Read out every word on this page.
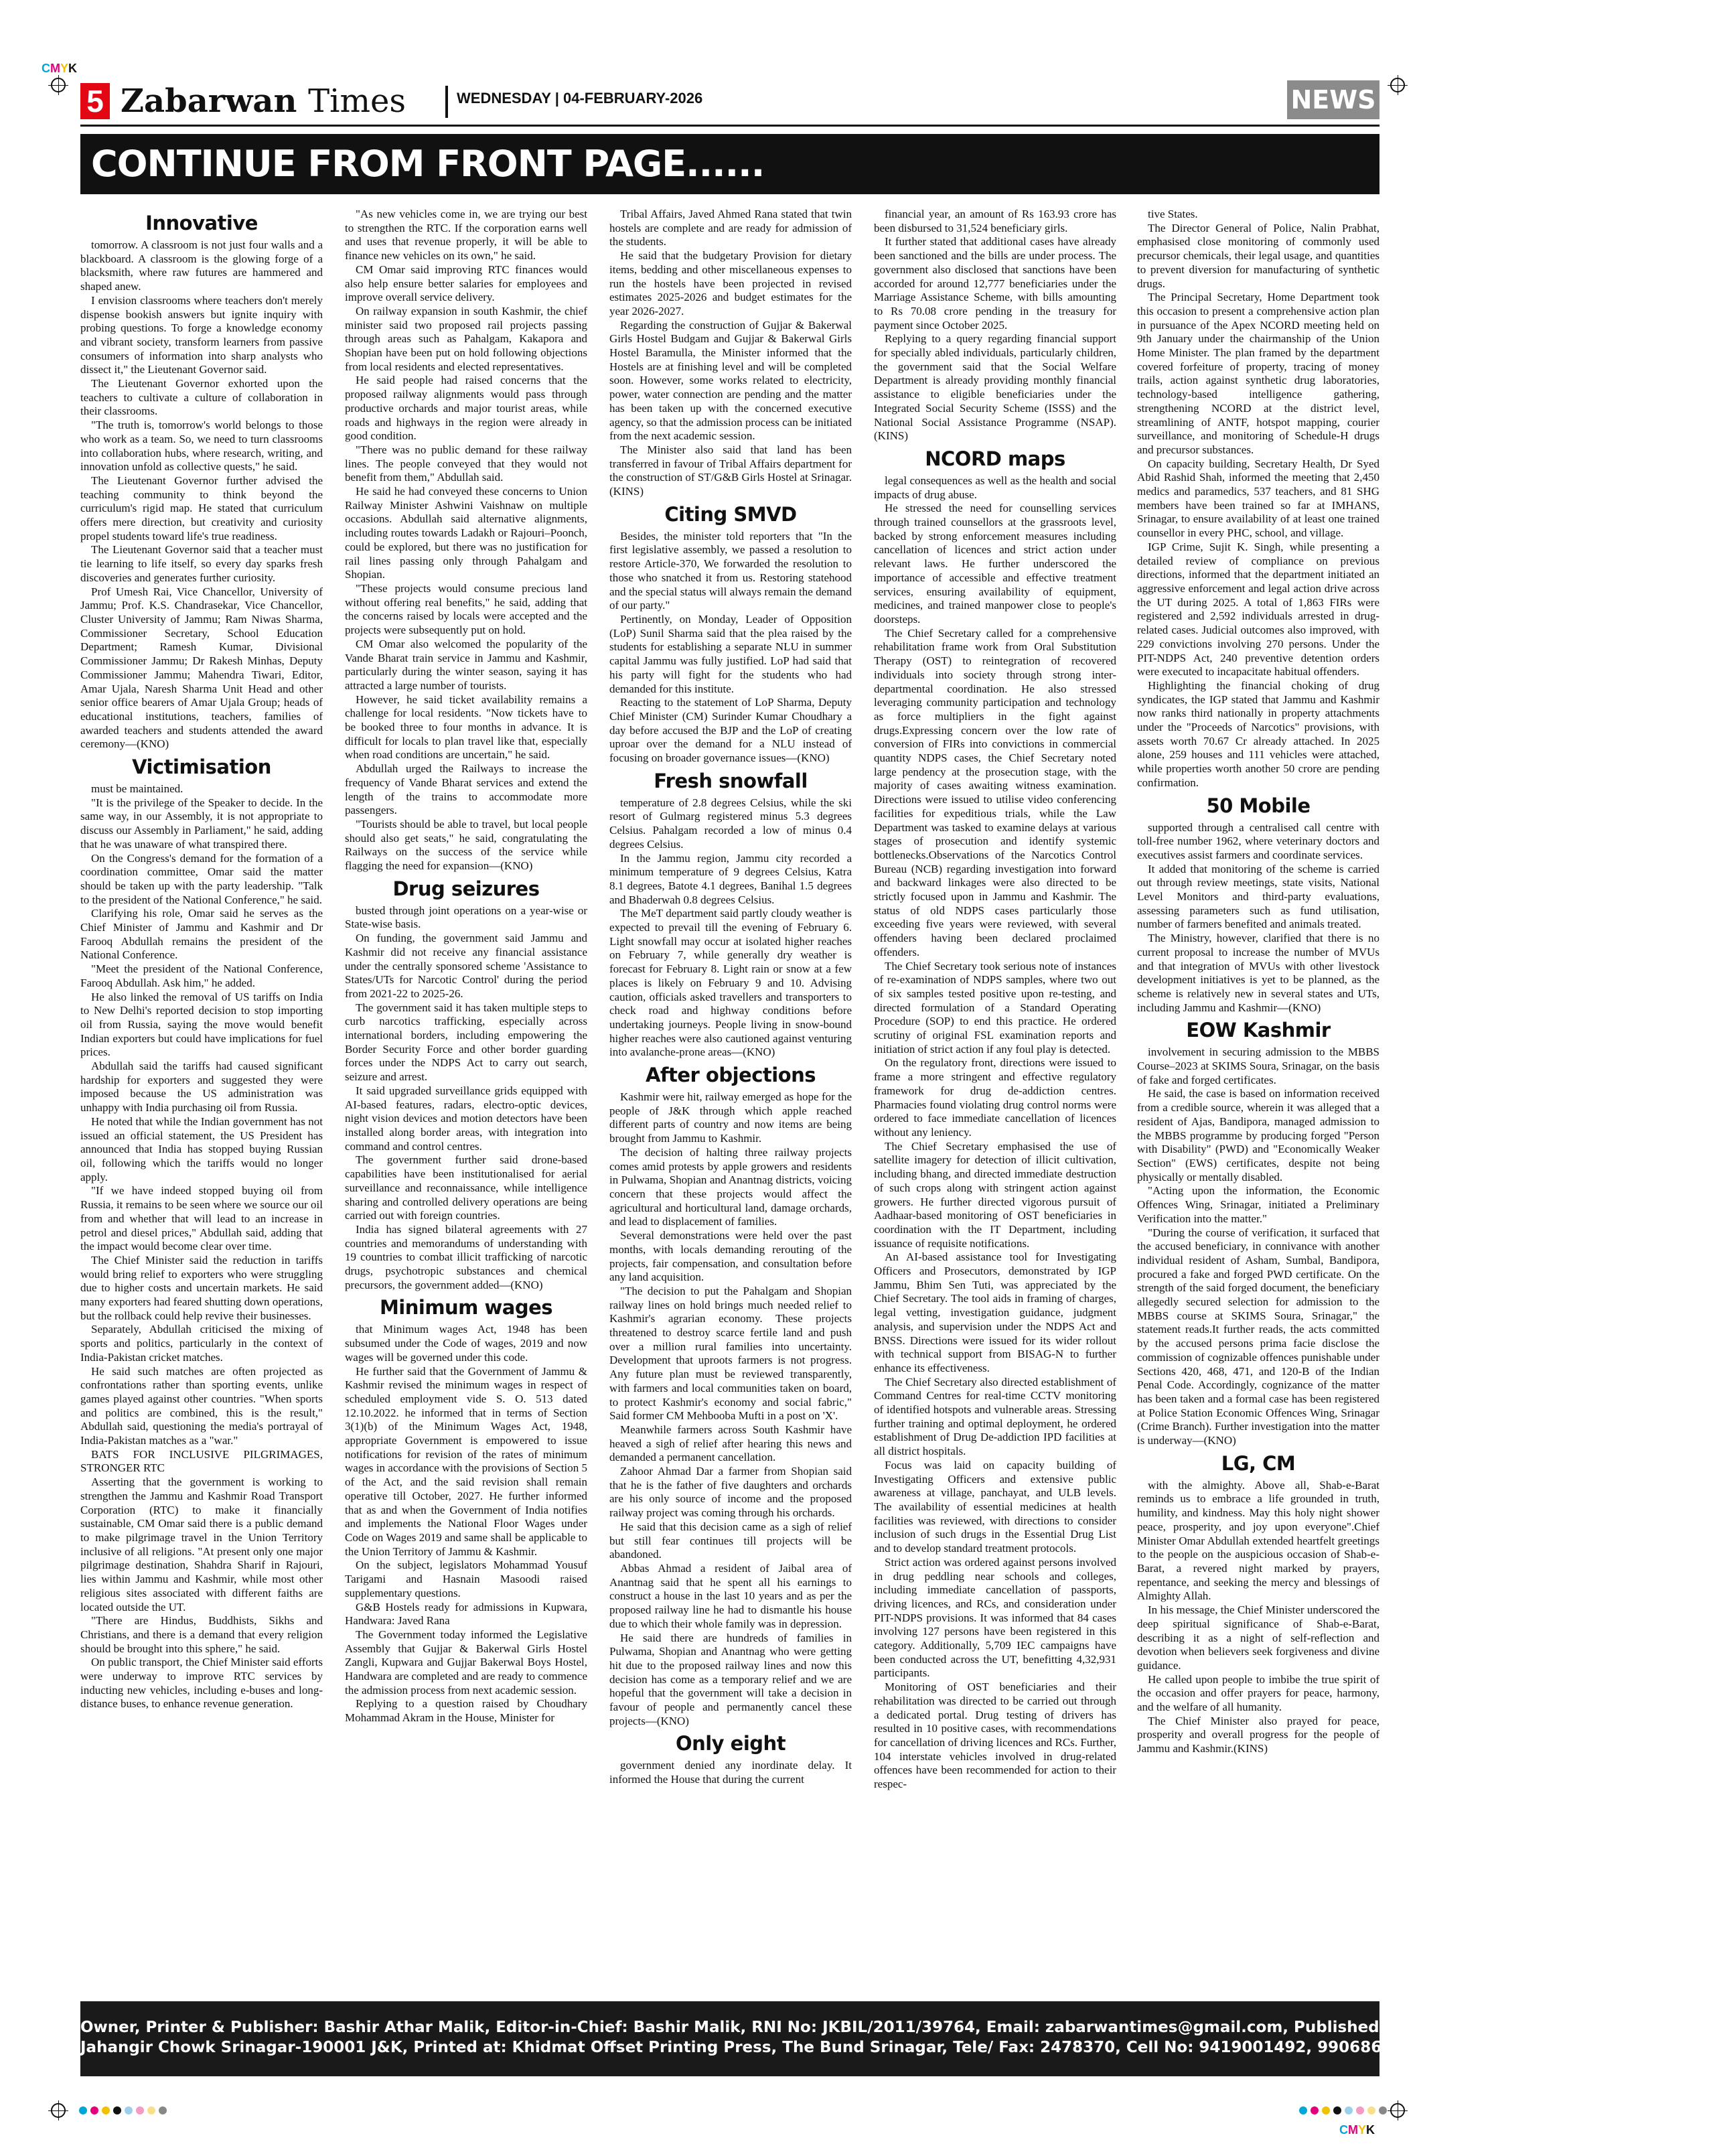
CMYK
CMYK
5 Zabarwan Times	WEDNESDAY | 04-FEBRUARY-2026	NEWS
CONTINUE FROM FRONT PAGE......
Innovative

tomorrow. A classroom is not just four walls and a blackboard. A classroom is the glowing forge of a blacksmith, where raw futures are hammered and shaped anew.

I envision classrooms where teachers don't merely dispense bookish answers but ignite inquiry with probing questions. To forge a knowledge economy and vibrant society, transform learners from passive consumers of information into sharp analysts who dissect it," the Lieutenant Governor said.

The Lieutenant Governor exhorted upon the teachers to cultivate a culture of collaboration in their classrooms.

"The truth is, tomorrow's world belongs to those who work as a team. So, we need to turn classrooms into collaboration hubs, where research, writing, and innovation unfold as collective quests," he said.

The Lieutenant Governor further advised the teaching community to think beyond the curriculum's rigid map. He stated that curriculum offers mere direction, but creativity and curiosity propel students toward life's true readiness.

The Lieutenant Governor said that a teacher must tie learning to life itself, so every day sparks fresh discoveries and generates further curiosity.

Prof Umesh Rai, Vice Chancellor, University of Jammu; Prof. K.S. Chandrasekar, Vice Chancellor, Cluster University of Jammu; Ram Niwas Sharma, Commissioner Secretary, School Education Department; Ramesh Kumar, Divisional Commissioner Jammu; Dr Rakesh Minhas, Deputy Commissioner Jammu; Mahendra Tiwari, Editor, Amar Ujala, Naresh Sharma Unit Head and other senior office bearers of Amar Ujala Group; heads of educational institutions, teachers, families of awarded teachers and students attended the award ceremony—(KNO)

Victimisation

must be maintained.

"It is the privilege of the Speaker to decide. In the same way, in our Assembly, it is not appropriate to discuss our Assembly in Parliament," he said, adding that he was unaware of what transpired there.

On the Congress's demand for the formation of a coordination committee, Omar said the matter should be taken up with the party leadership. "Talk to the president of the National Conference," he said.

Clarifying his role, Omar said he serves as the Chief Minister of Jammu and Kashmir and Dr Farooq Abdullah remains the president of the National Conference.

"Meet the president of the National Conference, Farooq Abdullah. Ask him," he added.

He also linked the removal of US tariffs on India to New Delhi's reported decision to stop importing oil from Russia, saying the move would benefit Indian exporters but could have implications for fuel prices.

Abdullah said the tariffs had caused significant hardship for exporters and suggested they were imposed because the US administration was unhappy with India purchasing oil from Russia.

He noted that while the Indian government has not issued an official statement, the US President has announced that India has stopped buying Russian oil, following which the tariffs would no longer apply.

"If we have indeed stopped buying oil from Russia, it remains to be seen where we source our oil from and whether that will lead to an increase in petrol and diesel prices," Abdullah said, adding that the impact would become clear over time.

The Chief Minister said the reduction in tariffs would bring relief to exporters who were struggling due to higher costs and uncertain markets. He said many exporters had feared shutting down operations, but the rollback could help revive their businesses.

Separately, Abdullah criticised the mixing of sports and politics, particularly in the context of India-Pakistan cricket matches.

He said such matches are often projected as confrontations rather than sporting events, unlike games played against other countries. "When sports and politics are combined, this is the result," Abdullah said, questioning the media's portrayal of India-Pakistan matches as a "war."

BATS FOR INCLUSIVE PILGRIMAGES, STRONGER RTC

Asserting that the government is working to strengthen the Jammu and Kashmir Road Transport Corporation (RTC) to make it financially sustainable, CM Omar said there is a public demand to make pilgrimage travel in the Union Territory inclusive of all religions. "At present only one major pilgrimage destination, Shahdra Sharif in Rajouri, lies within Jammu and Kashmir, while most other religious sites associated with different faiths are located outside the UT.

"There are Hindus, Buddhists, Sikhs and Christians, and there is a demand that every religion should be brought into this sphere," he said.

On public transport, the Chief Minister said efforts were underway to improve RTC services by inducting new vehicles, including e-buses and long-distance buses, to enhance revenue generation.

"As new vehicles come in, we are trying our best to strengthen the RTC. If the corporation earns well and uses that revenue properly, it will be able to finance new vehicles on its own," he said.

CM Omar said improving RTC finances would also help ensure better salaries for employees and improve overall service delivery.

On railway expansion in south Kashmir, the chief minister said two proposed rail projects passing through areas such as Pahalgam, Kakapora and Shopian have been put on hold following objections from local residents and elected representatives.

He said people had raised concerns that the proposed railway alignments would pass through productive orchards and major tourist areas, while roads and highways in the region were already in good condition.

"There was no public demand for these railway lines. The people conveyed that they would not benefit from them," Abdullah said.

He said he had conveyed these concerns to Union Railway Minister Ashwini Vaishnaw on multiple occasions. Abdullah said alternative alignments, including routes towards Ladakh or Rajouri–Poonch, could be explored, but there was no justification for rail lines passing only through Pahalgam and Shopian.

"These projects would consume precious land without offering real benefits," he said, adding that the concerns raised by locals were accepted and the projects were subsequently put on hold.

CM Omar also welcomed the popularity of the Vande Bharat train service in Jammu and Kashmir, particularly during the winter season, saying it has attracted a large number of tourists.

However, he said ticket availability remains a challenge for local residents. "Now tickets have to be booked three to four months in advance. It is difficult for locals to plan travel like that, especially when road conditions are uncertain," he said.

Abdullah urged the Railways to increase the frequency of Vande Bharat services and extend the length of the trains to accommodate more passengers.

"Tourists should be able to travel, but local people should also get seats," he said, congratulating the Railways on the success of the service while flagging the need for expansion—(KNO)

Drug seizures

busted through joint operations on a year-wise or State-wise basis.

On funding, the government said Jammu and Kashmir did not receive any financial assistance under the centrally sponsored scheme 'Assistance to States/UTs for Narcotic Control' during the period from 2021-22 to 2025-26.

The government said it has taken multiple steps to curb narcotics trafficking, especially across international borders, including empowering the Border Security Force and other border guarding forces under the NDPS Act to carry out search, seizure and arrest.

It said upgraded surveillance grids equipped with AI-based features, radars, electro-optic devices, night vision devices and motion detectors have been installed along border areas, with integration into command and control centres.

The government further said drone-based capabilities have been institutionalised for aerial surveillance and reconnaissance, while intelligence sharing and controlled delivery operations are being carried out with foreign countries.

India has signed bilateral agreements with 27 countries and memorandums of understanding with 19 countries to combat illicit trafficking of narcotic drugs, psychotropic substances and chemical precursors, the government added—(KNO)

Minimum wages

that Minimum wages Act, 1948 has been subsumed under the Code of wages, 2019 and now wages will be governed under this code.

He further said that the Government of Jammu & Kashmir revised the minimum wages in respect of scheduled employment vide S. O. 513 dated 12.10.2022. he informed that in terms of Section 3(1)(b) of the Minimum Wages Act, 1948, appropriate Government is empowered to issue notifications for revision of the rates of minimum wages in accordance with the provisions of Section 5 of the Act, and the said revision shall remain operative till October, 2027. He further informed that as and when the Government of India notifies and implements the National Floor Wages under Code on Wages 2019 and same shall be applicable to the Union Territory of Jammu & Kashmir.

On the subject, legislators Mohammad Yousuf Tarigami and Hasnain Masoodi raised supplementary questions.

G&B Hostels ready for admissions in Kupwara, Handwara: Javed Rana

The Government today informed the Legislative Assembly that Gujjar & Bakerwal Girls Hostel Zangli, Kupwara and Gujjar Bakerwal Boys Hostel, Handwara are completed and are ready to commence the admission process from next academic session.

Replying to a question raised by Choudhary Mohammad Akram in the House, Minister for

Tribal Affairs, Javed Ahmed Rana stated that twin hostels are complete and are ready for admission of the students.

He said that the budgetary Provision for dietary items, bedding and other miscellaneous expenses to run the hostels have been projected in revised estimates 2025-2026 and budget estimates for the year 2026-2027.

Regarding the construction of Gujjar & Bakerwal Girls Hostel Budgam and Gujjar & Bakerwal Girls Hostel Baramulla, the Minister informed that the Hostels are at finishing level and will be completed soon. However, some works related to electricity, power, water connection are pending and the matter has been taken up with the concerned executive agency, so that the admission process can be initiated from the next academic session.

The Minister also said that land has been transferred in favour of Tribal Affairs department for the construction of ST/G&B Girls Hostel at Srinagar.(KINS)

Citing SMVD

Besides, the minister told reporters that "In the first legislative assembly, we passed a resolution to restore Article-370, We forwarded the resolution to those who snatched it from us. Restoring statehood and the special status will always remain the demand of our party."

Pertinently, on Monday, Leader of Opposition (LoP) Sunil Sharma said that the plea raised by the students for establishing a separate NLU in summer capital Jammu was fully justified. LoP had said that his party will fight for the students who had demanded for this institute.

Reacting to the statement of LoP Sharma, Deputy Chief Minister (CM) Surinder Kumar Choudhary a day before accused the BJP and the LoP of creating uproar over the demand for a NLU instead of focusing on broader governance issues—(KNO)

Fresh snowfall

temperature of 2.8 degrees Celsius, while the ski resort of Gulmarg registered minus 5.3 degrees Celsius. Pahalgam recorded a low of minus 0.4 degrees Celsius.

In the Jammu region, Jammu city recorded a minimum temperature of 9 degrees Celsius, Katra 8.1 degrees, Batote 4.1 degrees, Banihal 1.5 degrees and Bhaderwah 0.8 degrees Celsius.

The MeT department said partly cloudy weather is expected to prevail till the evening of February 6. Light snowfall may occur at isolated higher reaches on February 7, while generally dry weather is forecast for February 8. Light rain or snow at a few places is likely on February 9 and 10. Advising caution, officials asked travellers and transporters to check road and highway conditions before undertaking journeys. People living in snow-bound higher reaches were also cautioned against venturing into avalanche-prone areas—(KNO)

After objections

Kashmir were hit, railway emerged as hope for the people of J&K through which apple reached different parts of country and now items are being brought from Jammu to Kashmir.

The decision of halting three railway projects comes amid protests by apple growers and residents in Pulwama, Shopian and Anantnag districts, voicing concern that these projects would affect the agricultural and horticultural land, damage orchards, and lead to displacement of families.

Several demonstrations were held over the past months, with locals demanding rerouting of the projects, fair compensation, and consultation before any land acquisition.

"The decision to put the Pahalgam and Shopian railway lines on hold brings much needed relief to Kashmir's agrarian economy. These projects threatened to destroy scarce fertile land and push over a million rural families into uncertainty. Development that uproots farmers is not progress. Any future plan must be reviewed transparently, with farmers and local communities taken on board, to protect Kashmir's economy and social fabric," Said former CM Mehbooba Mufti in a post on 'X'.

Meanwhile farmers across South Kashmir have heaved a sigh of relief after hearing this news and demanded a permanent cancellation.

Zahoor Ahmad Dar a farmer from Shopian said that he is the father of five daughters and orchards are his only source of income and the proposed railway project was coming through his orchards.

He said that this decision came as a sigh of relief but still fear continues till projects will be abandoned.

Abbas Ahmad a resident of Jaibal area of Anantnag said that he spent all his earnings to construct a house in the last 10 years and as per the proposed railway line he had to dismantle his house due to which their whole family was in depression.

He said there are hundreds of families in Pulwama, Shopian and Anantnag who were getting hit due to the proposed railway lines and now this decision has come as a temporary relief and we are hopeful that the government will take a decision in favour of people and permanently cancel these projects—(KNO)

Only eight

government denied any inordinate delay. It informed the House that during the current

financial year, an amount of Rs 163.93 crore has been disbursed to 31,524 beneficiary girls.

It further stated that additional cases have already been sanctioned and the bills are under process. The government also disclosed that sanctions have been accorded for around 12,777 beneficiaries under the Marriage Assistance Scheme, with bills amounting to Rs 70.08 crore pending in the treasury for payment since October 2025.

Replying to a query regarding financial support for specially abled individuals, particularly children, the government said that the Social Welfare Department is already providing monthly financial assistance to eligible beneficiaries under the Integrated Social Security Scheme (ISSS) and the National Social Assistance Programme (NSAP). (KINS)

NCORD maps

legal consequences as well as the health and social impacts of drug abuse.

He stressed the need for counselling services through trained counsellors at the grassroots level, backed by strong enforcement measures including cancellation of licences and strict action under relevant laws. He further underscored the importance of accessible and effective treatment services, ensuring availability of equipment, medicines, and trained manpower close to people's doorsteps.

The Chief Secretary called for a comprehensive rehabilitation frame work from Oral Substitution Therapy (OST) to reintegration of recovered individuals into society through strong inter-departmental coordination. He also stressed leveraging community participation and technology as force multipliers in the fight against drugs.Expressing concern over the low rate of conversion of FIRs into convictions in commercial quantity NDPS cases, the Chief Secretary noted large pendency at the prosecution stage, with the majority of cases awaiting witness examination. Directions were issued to utilise video conferencing facilities for expeditious trials, while the Law Department was tasked to examine delays at various stages of prosecution and identify systemic bottlenecks.Observations of the Narcotics Control Bureau (NCB) regarding investigation into forward and backward linkages were also directed to be strictly focused upon in Jammu and Kashmir. The status of old NDPS cases particularly those exceeding five years were reviewed, with several offenders having been declared proclaimed offenders.

The Chief Secretary took serious note of instances of re-examination of NDPS samples, where two out of six samples tested positive upon re-testing, and directed formulation of a Standard Operating Procedure (SOP) to end this practice. He ordered scrutiny of original FSL examination reports and initiation of strict action if any foul play is detected.

On the regulatory front, directions were issued to frame a more stringent and effective regulatory framework for drug de-addiction centres. Pharmacies found violating drug control norms were ordered to face immediate cancellation of licences without any leniency.

The Chief Secretary emphasised the use of satellite imagery for detection of illicit cultivation, including bhang, and directed immediate destruction of such crops along with stringent action against growers. He further directed vigorous pursuit of Aadhaar-based monitoring of OST beneficiaries in coordination with the IT Department, including issuance of requisite notifications.

An AI-based assistance tool for Investigating Officers and Prosecutors, demonstrated by IGP Jammu, Bhim Sen Tuti, was appreciated by the Chief Secretary. The tool aids in framing of charges, legal vetting, investigation guidance, judgment analysis, and supervision under the NDPS Act and BNSS. Directions were issued for its wider rollout with technical support from BISAG-N to further enhance its effectiveness.

The Chief Secretary also directed establishment of Command Centres for real-time CCTV monitoring of identified hotspots and vulnerable areas. Stressing further training and optimal deployment, he ordered establishment of Drug De-addiction IPD facilities at all district hospitals.

Focus was laid on capacity building of Investigating Officers and extensive public awareness at village, panchayat, and ULB levels. The availability of essential medicines at health facilities was reviewed, with directions to consider inclusion of such drugs in the Essential Drug List and to develop standard treatment protocols.

Strict action was ordered against persons involved in drug peddling near schools and colleges, including immediate cancellation of passports, driving licences, and RCs, and consideration under PIT-NDPS provisions. It was informed that 84 cases involving 127 persons have been registered in this category. Additionally, 5,709 IEC campaigns have been conducted across the UT, benefitting 4,32,931 participants.

Monitoring of OST beneficiaries and their rehabilitation was directed to be carried out through a dedicated portal. Drug testing of drivers has resulted in 10 positive cases, with recommendations for cancellation of driving licences and RCs. Further, 104 interstate vehicles involved in drug-related offences have been recommended for action to their respec-

tive States.

The Director General of Police, Nalin Prabhat, emphasised close monitoring of commonly used precursor chemicals, their legal usage, and quantities to prevent diversion for manufacturing of synthetic drugs.

The Principal Secretary, Home Department took this occasion to present a comprehensive action plan in pursuance of the Apex NCORD meeting held on 9th January under the chairmanship of the Union Home Minister. The plan framed by the department covered forfeiture of property, tracing of money trails, action against synthetic drug laboratories, technology-based intelligence gathering, strengthening NCORD at the district level, streamlining of ANTF, hotspot mapping, courier surveillance, and monitoring of Schedule-H drugs and precursor substances.

On capacity building, Secretary Health, Dr Syed Abid Rashid Shah, informed the meeting that 2,450 medics and paramedics, 537 teachers, and 81 SHG members have been trained so far at IMHANS, Srinagar, to ensure availability of at least one trained counsellor in every PHC, school, and village.

IGP Crime, Sujit K. Singh, while presenting a detailed review of compliance on previous directions, informed that the department initiated an aggressive enforcement and legal action drive across the UT during 2025. A total of 1,863 FIRs were registered and 2,592 individuals arrested in drug-related cases. Judicial outcomes also improved, with 229 convictions involving 270 persons. Under the PIT-NDPS Act, 240 preventive detention orders were executed to incapacitate habitual offenders.

Highlighting the financial choking of drug syndicates, the IGP stated that Jammu and Kashmir now ranks third nationally in property attachments under the "Proceeds of Narcotics" provisions, with assets worth 70.67 Cr already attached. In 2025 alone, 259 houses and 111 vehicles were attached, while properties worth another 50 crore are pending confirmation.

50 Mobile

supported through a centralised call centre with toll-free number 1962, where veterinary doctors and executives assist farmers and coordinate services.

It added that monitoring of the scheme is carried out through review meetings, state visits, National Level Monitors and third-party evaluations, assessing parameters such as fund utilisation, number of farmers benefited and animals treated.

The Ministry, however, clarified that there is no current proposal to increase the number of MVUs and that integration of MVUs with other livestock development initiatives is yet to be planned, as the scheme is relatively new in several states and UTs, including Jammu and Kashmir—(KNO)

EOW Kashmir

involvement in securing admission to the MBBS Course–2023 at SKIMS Soura, Srinagar, on the basis of fake and forged certificates.

He said, the case is based on information received from a credible source, wherein it was alleged that a resident of Ajas, Bandipora, managed admission to the MBBS programme by producing forged "Person with Disability" (PWD) and "Economically Weaker Section" (EWS) certificates, despite not being physically or mentally disabled.

"Acting upon the information, the Economic Offences Wing, Srinagar, initiated a Preliminary Verification into the matter."

"During the course of verification, it surfaced that the accused beneficiary, in connivance with another individual resident of Asham, Sumbal, Bandipora, procured a fake and forged PWD certificate. On the strength of the said forged document, the beneficiary allegedly secured selection for admission to the MBBS course at SKIMS Soura, Srinagar," the statement reads.It further reads, the acts committed by the accused persons prima facie disclose the commission of cognizable offences punishable under Sections 420, 468, 471, and 120-B of the Indian Penal Code. Accordingly, cognizance of the matter has been taken and a formal case has been registered at Police Station Economic Offences Wing, Srinagar (Crime Branch). Further investigation into the matter is underway—(KNO)

LG, CM

with the almighty. Above all, Shab-e-Barat reminds us to embrace a life grounded in truth, humility, and kindness. May this holy night shower peace, prosperity, and joy upon everyone".Chief Minister Omar Abdullah extended heartfelt greetings to the people on the auspicious occasion of Shab-e-Barat, a revered night marked by prayers, repentance, and seeking the mercy and blessings of Almighty Allah.

In his message, the Chief Minister underscored the deep spiritual significance of Shab-e-Barat, describing it as a night of self-reflection and devotion when believers seek forgiveness and divine guidance.

He called upon people to imbibe the true spirit of the occasion and offer prayers for peace, harmony, and the welfare of all humanity.

The Chief Minister also prayed for peace, prosperity and overall progress for the people of Jammu and Kashmir.(KINS)

Owner, Printer & Publisher: Bashir Athar Malik, Editor-in-Chief: Bashir Malik, RNI No: JKBIL/2011/39764, Email: zabarwantimes@gmail.com, Published at: Govt. Quarters, B-6, Budshah Flats
Jahangir Chowk Srinagar-190001 J&K, Printed at: Khidmat Offset Printing Press, The Bund Srinagar, Tele/ Fax: 2478370, Cell No: 9419001492, 9906868501
